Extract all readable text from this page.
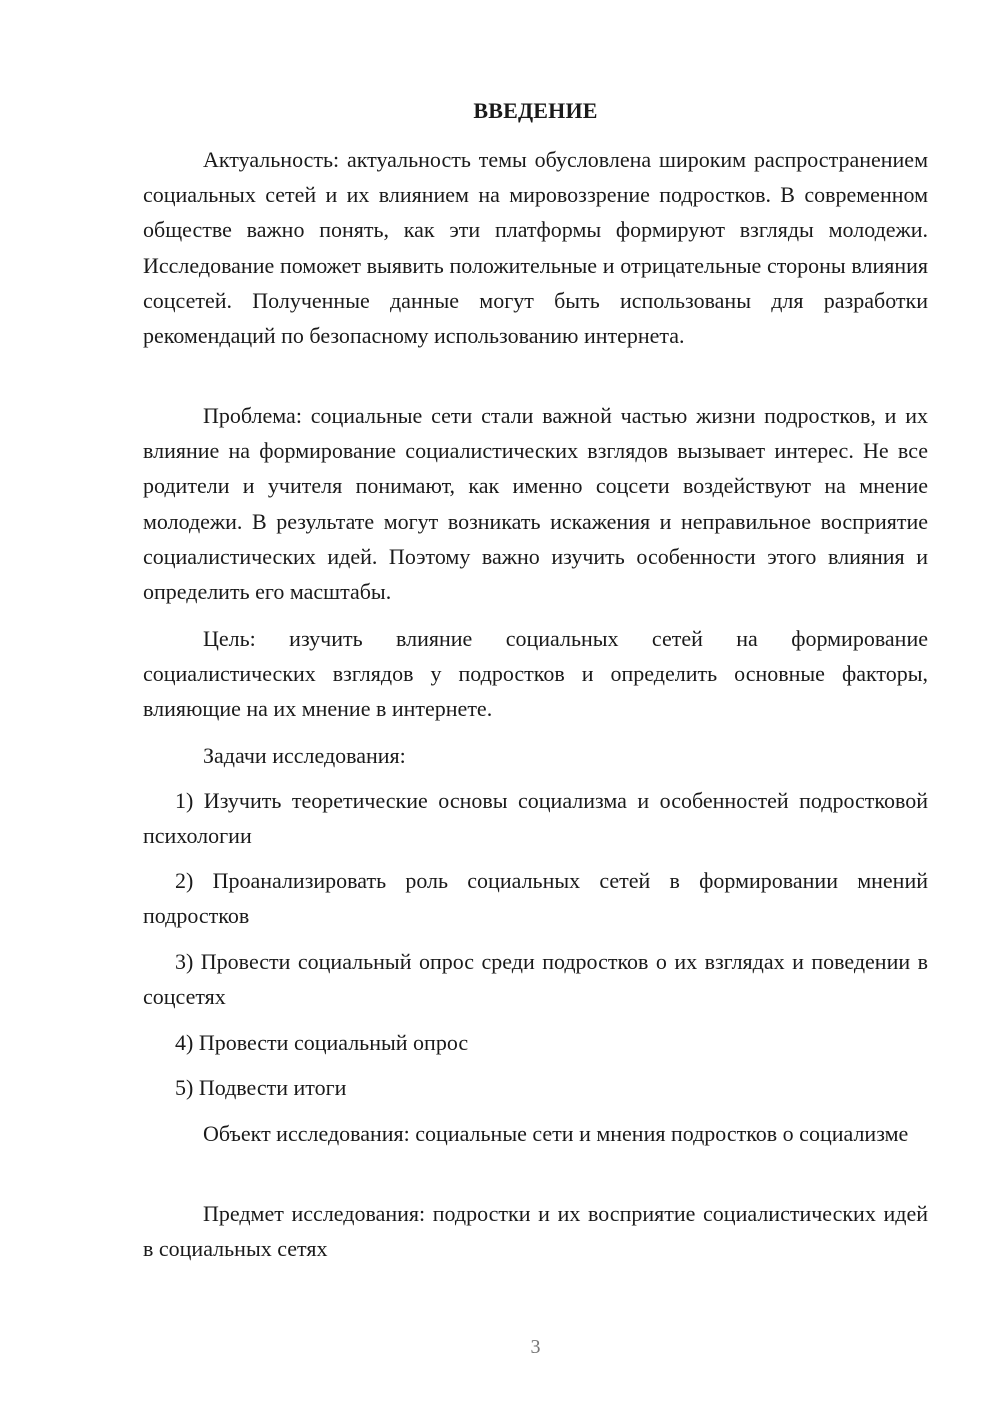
ВВЕДЕНИЕ

Актуальность: актуальность темы обусловлена широким распространением социальных сетей и их влиянием на мировоззрение подростков. В современном обществе важно понять, как эти платформы формируют взгляды молодежи. Исследование поможет выявить положительные и отрицательные стороны влияния соцсетей. Полученные данные могут быть использованы для разработки рекомендаций по безопасному использованию интернета.

Проблема: социальные сети стали важной частью жизни подростков, и их влияние на формирование социалистических взглядов вызывает интерес. Не все родители и учителя понимают, как именно соцсети воздействуют на мнение молодежи. В результате могут возникать искажения и неправильное восприятие социалистических идей. Поэтому важно изучить особенности этого влияния и определить его масштабы.

Цель: изучить влияние социальных сетей на формирование социалистических взглядов у подростков и определить основные факторы, влияющие на их мнение в интернете.

Задачи исследования:

1) Изучить теоретические основы социализма и особенностей подростковой психологии

2) Проанализировать роль социальных сетей в формировании мнений подростков

3) Провести социальный опрос среди подростков о их взглядах и поведении в соцсетях

4) Провести социальный опрос

5) Подвести итоги

Объект исследования: социальные сети и мнения подростков о социализме

Предмет исследования: подростки и их восприятие социалистических идей в социальных сетях

3
